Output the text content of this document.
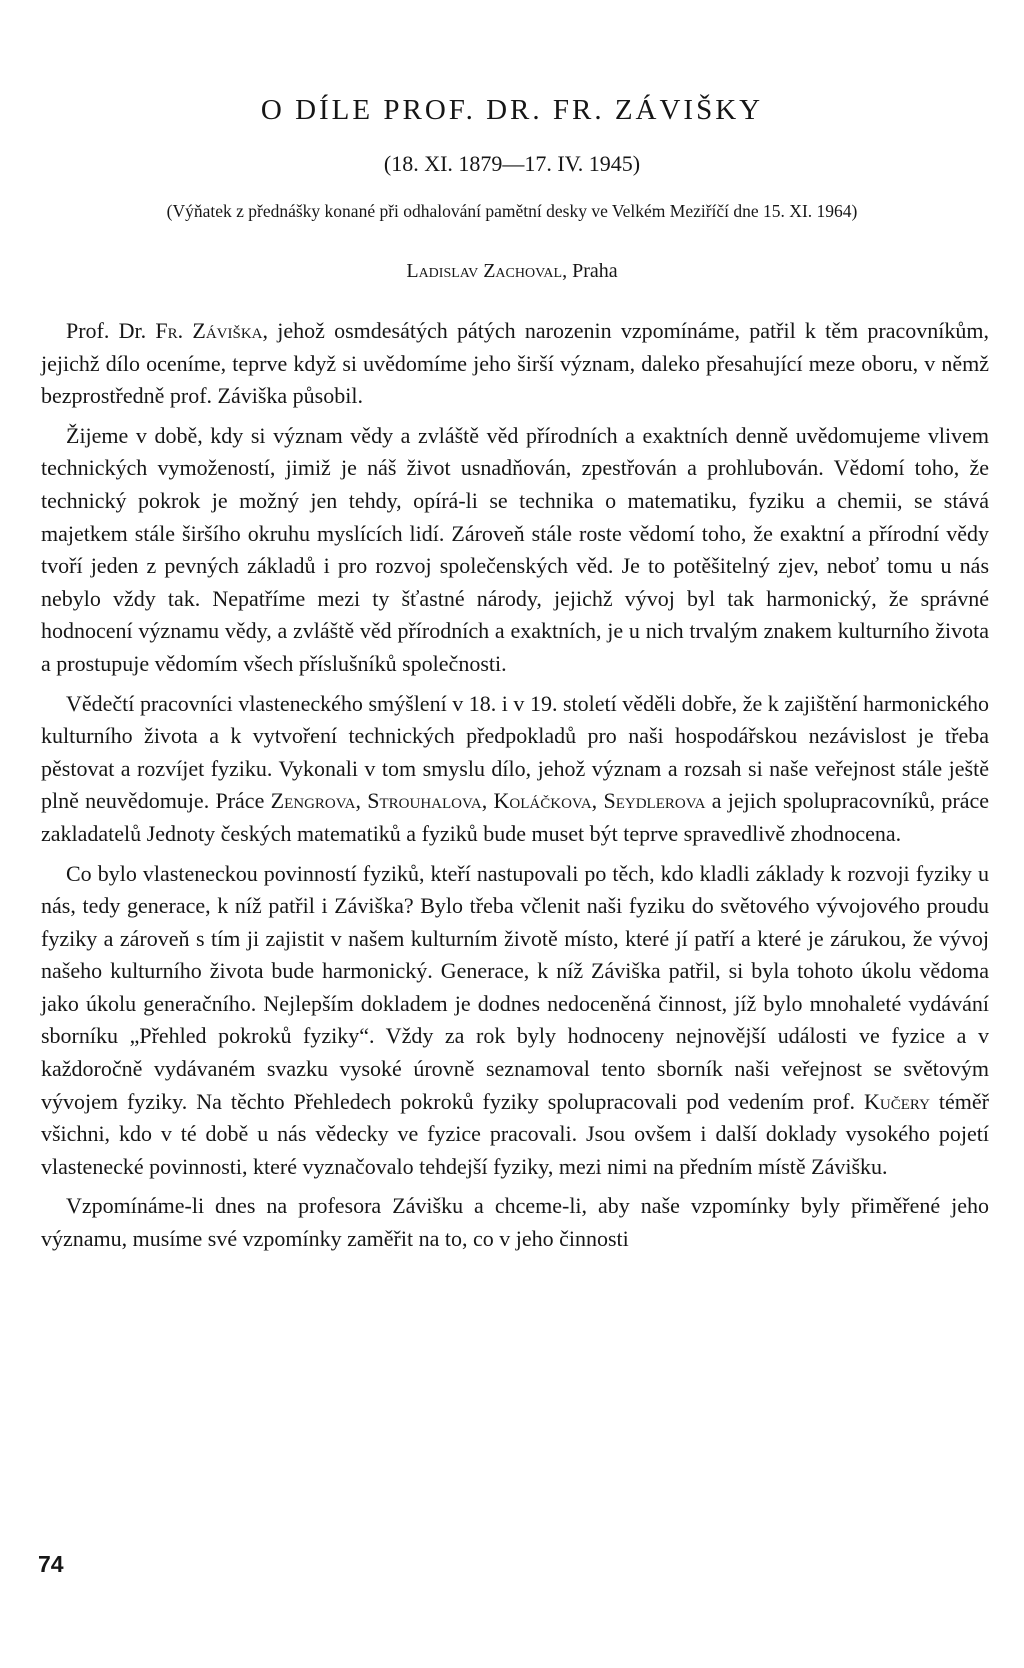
O DÍLE PROF. DR. FR. ZÁVIŠKY
(18. XI. 1879—17. IV. 1945)
(Výňatek z přednášky konané při odhalování pamětní desky ve Velkém Meziříčí dne 15. XI. 1964)
Ladislav Zachoval, Praha

Prof. Dr. Fr. Záviška, jehož osmdesátých pátých narozenin vzpomínáme, patřil k těm pracovníkům, jejichž dílo oceníme, teprve když si uvědomíme jeho širší význam, daleko přesahující meze oboru, v němž bezprostředně prof. Záviška působil.

Žijeme v době, kdy si význam vědy a zvláště věd přírodních a exaktních denně uvědomujeme vlivem technických vymožeností, jimiž je náš život usnadňován, zpestřován a prohlubován. Vědomí toho, že technický pokrok je možný jen tehdy, opírá-li se technika o matematiku, fyziku a chemii, se stává majetkem stále širšího okruhu myslících lidí. Zároveň stále roste vědomí toho, že exaktní a přírodní vědy tvoří jeden z pevných základů i pro rozvoj společenských věd. Je to potěšitelný zjev, neboť tomu u nás nebylo vždy tak. Nepatříme mezi ty šťastné národy, jejichž vývoj byl tak harmonický, že správné hodnocení významu vědy, a zvláště věd přírodních a exaktních, je u nich trvalým znakem kulturního života a prostupuje vědomím všech příslušníků společnosti.

Vědečtí pracovníci vlasteneckého smýšlení v 18. i v 19. století věděli dobře, že k zajištění harmonického kulturního života a k vytvoření technických předpokladů pro naši hospodářskou nezávislost je třeba pěstovat a rozvíjet fyziku. Vykonali v tom smyslu dílo, jehož význam a rozsah si naše veřejnost stále ještě plně neuvědomuje. Práce Zengrova, Strouhalova, Koláčkova, Seydlerova a jejich spolupracovníků, práce zakladatelů Jednoty českých matematiků a fyziků bude muset být teprve spravedlivě zhodnocena.

Co bylo vlasteneckou povinností fyziků, kteří nastupovali po těch, kdo kladli základy k rozvoji fyziky u nás, tedy generace, k níž patřil i Záviška? Bylo třeba včlenit naši fyziku do světového vývojového proudu fyziky a zároveň s tím ji zajistit v našem kulturním životě místo, které jí patří a které je zárukou, že vývoj našeho kulturního života bude harmonický. Generace, k níž Záviška patřil, si byla tohoto úkolu vědoma jako úkolu generačního. Nejlepším dokladem je dodnes nedoceněná činnost, jíž bylo mnohaleté vydávání sborníku „Přehled pokroků fyziky“. Vždy za rok byly hodnoceny nejnovější události ve fyzice a v každoročně vydávaném svazku vysoké úrovně seznamoval tento sborník naši veřejnost se světovým vývojem fyziky. Na těchto Přehledech pokroků fyziky spolupracovali pod vedením prof. Kučery téměř všichni, kdo v té době u nás vědecky ve fyzice pracovali. Jsou ovšem i další doklady vysokého pojetí vlastenecké povinnosti, které vyznačovalo tehdejší fyziky, mezi nimi na předním místě Závišku.

Vzpomínáme-li dnes na profesora Závišku a chceme-li, aby naše vzpomínky byly přiměřené jeho významu, musíme své vzpomínky zaměřit na to, co v jeho činnosti

74
